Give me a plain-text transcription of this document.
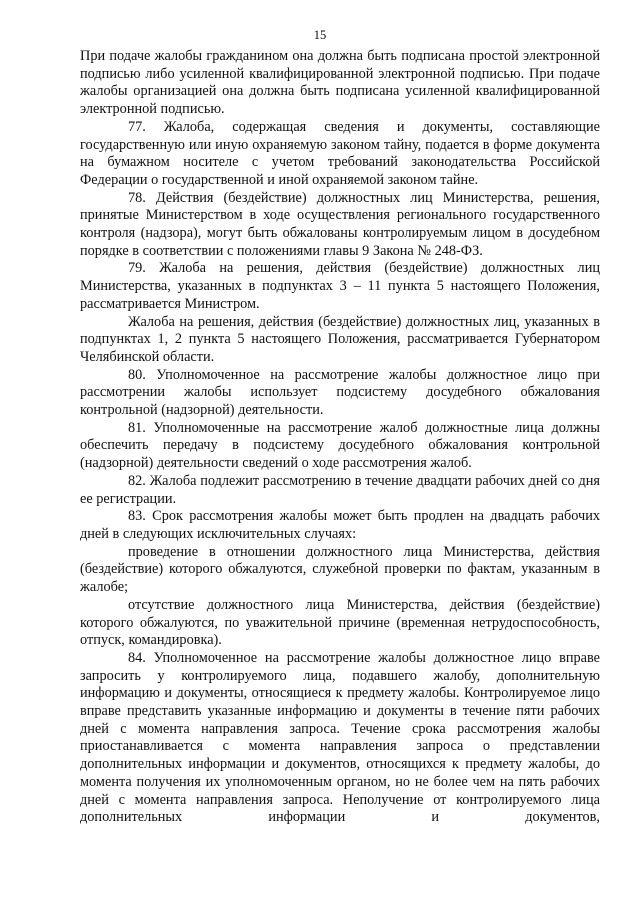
15

При подаче жалобы гражданином она должна быть подписана простой электронной подписью либо усиленной квалифицированной электронной подписью. При подаче жалобы организацией она должна быть подписана усиленной квалифицированной электронной подписью.

77. Жалоба, содержащая сведения и документы, составляющие государственную или иную охраняемую законом тайну, подается в форме документа на бумажном носителе с учетом требований законодательства Российской Федерации о государственной и иной охраняемой законом тайне.

78. Действия (бездействие) должностных лиц Министерства, решения, принятые Министерством в ходе осуществления регионального государственного контроля (надзора), могут быть обжалованы контролируемым лицом в досудебном порядке в соответствии с положениями главы 9 Закона № 248-ФЗ.

79. Жалоба на решения, действия (бездействие) должностных лиц Министерства, указанных в подпунктах 3 – 11 пункта 5 настоящего Положения, рассматривается Министром.

Жалоба на решения, действия (бездействие) должностных лиц, указанных в подпунктах 1, 2 пункта 5 настоящего Положения, рассматривается Губернатором Челябинской области.

80. Уполномоченное на рассмотрение жалобы должностное лицо при рассмотрении жалобы использует подсистему досудебного обжалования контрольной (надзорной) деятельности.

81. Уполномоченные на рассмотрение жалоб должностные лица должны обеспечить передачу в подсистему досудебного обжалования контрольной (надзорной) деятельности сведений о ходе рассмотрения жалоб.

82. Жалоба подлежит рассмотрению в течение двадцати рабочих дней со дня ее регистрации.

83. Срок рассмотрения жалобы может быть продлен на двадцать рабочих дней в следующих исключительных случаях:

проведение в отношении должностного лица Министерства, действия (бездействие) которого обжалуются, служебной проверки по фактам, указанным в жалобе;

отсутствие должностного лица Министерства, действия (бездействие) которого обжалуются, по уважительной причине (временная нетрудоспособность, отпуск, командировка).

84. Уполномоченное на рассмотрение жалобы должностное лицо вправе запросить у контролируемого лица, подавшего жалобу, дополнительную информацию и документы, относящиеся к предмету жалобы. Контролируемое лицо вправе представить указанные информацию и документы в течение пяти рабочих дней с момента направления запроса. Течение срока рассмотрения жалобы приостанавливается с момента направления запроса о представлении дополнительных информации и документов, относящихся к предмету жалобы, до момента получения их уполномоченным органом, но не более чем на пять рабочих дней с момента направления запроса. Неполучение от контролируемого лица дополнительных информации и документов,
